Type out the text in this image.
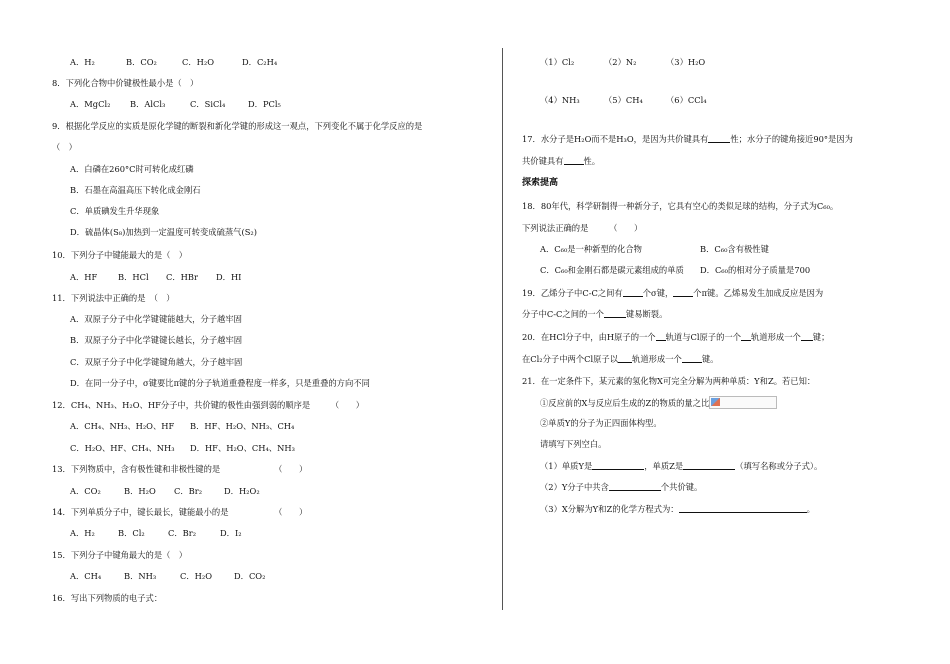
A．H₂	B．CO₂	C．H₂O	D．C₂H₄
8．下列化合物中价键极性最小是（　）
A．MgCl₂ B．AlCl₃	C．SiCl₄	D．PCl₅
9．根据化学反应的实质是原化学键的断裂和新化学键的形成这一观点，下列变化不属于化学反应的是
（　）
A．白磷在260°C时可转化成红磷
B．石墨在高温高压下转化成金刚石
C．单质碘发生升华现象
D．硫晶体(S₈)加热到一定温度可转变成硫蒸气(S₂)
10．下列分子中键能最大的是（　）
A．HF B．HCl C．HBr D．HI
11．下列说法中正确的是　（　）
A．双原子分子中化学键键能越大，分子越牢固
B．双原子分子中化学键键长越长，分子越牢固
C．双原子分子中化学键键角越大，分子越牢固
D．在同一分子中，σ键要比π键的分子轨道重叠程度一样多，只是重叠的方向不同
12．CH₄、NH₃、H₂O、HF分子中，共价键的极性由强到弱的顺序是　　　（　　）
A．CH₄、NH₃、H₂O、HF B．HF、H₂O、NH₃、CH₄
C．H₂O、HF、CH₄、NH₃ D．HF、H₂O、CH₄、NH₃
13．下列物质中，含有极性键和非极性键的是　　　　　　　（　　）
A．CO₂	B．H₂O C．Br₂	D．H₂O₂
14．下列单质分子中，键长最长，键能最小的是　　　　　　（　　）
A．H₂	B．Cl₂	C．Br₂	D．I₂
15．下列分子中键角最大的是（　）
A．CH₄	B．NH₃	C．H₂O	D．CO₂
16．写出下列物质的电子式：
（1）Cl₂	（2）N₂	（3）H₂O
（4）NH₃	（5）CH₄	（6）CCl₄
17．水分子是H₂O而不是H₃O，是因为共价键具有	性；水分子的键角接近90°是因为
共价键具有 性。
探索提高
18．80年代，科学研制得一种新分子，它具有空心的类似足球的结构，分子式为C₆₀。
下列说法正确的是　　　（　　）
A．C₆₀是一种新型的化合物	B．C₆₀含有极性键
C．C₆₀和金刚石都是碳元素组成的单质 D．C₆₀的相对分子质量是700
19．乙烯分子中C-C之间有 个σ键， 个π键。乙烯易发生加成反应是因为
分子中C-C之间的一个	键易断裂。
20．在HCl分子中，由H原子的一个 轨道与Cl原子的一个 轨道形成一个 键；
在Cl₂分子中两个Cl原子以 轨道形成一个 键。
21．在一定条件下，某元素的氢化物X可完全分解为两种单质：Y和Z。若已知：
①反应前的X与反应后生成的Z的物质的量之比
②单质Y的分子为正四面体构型。
请填写下列空白。
（1）单质Y是	，单质Z是	（填写名称或分子式）。
（2）Y分子中共含	个共价键。
（3）X分解为Y和Z的化学方程式为：	。
